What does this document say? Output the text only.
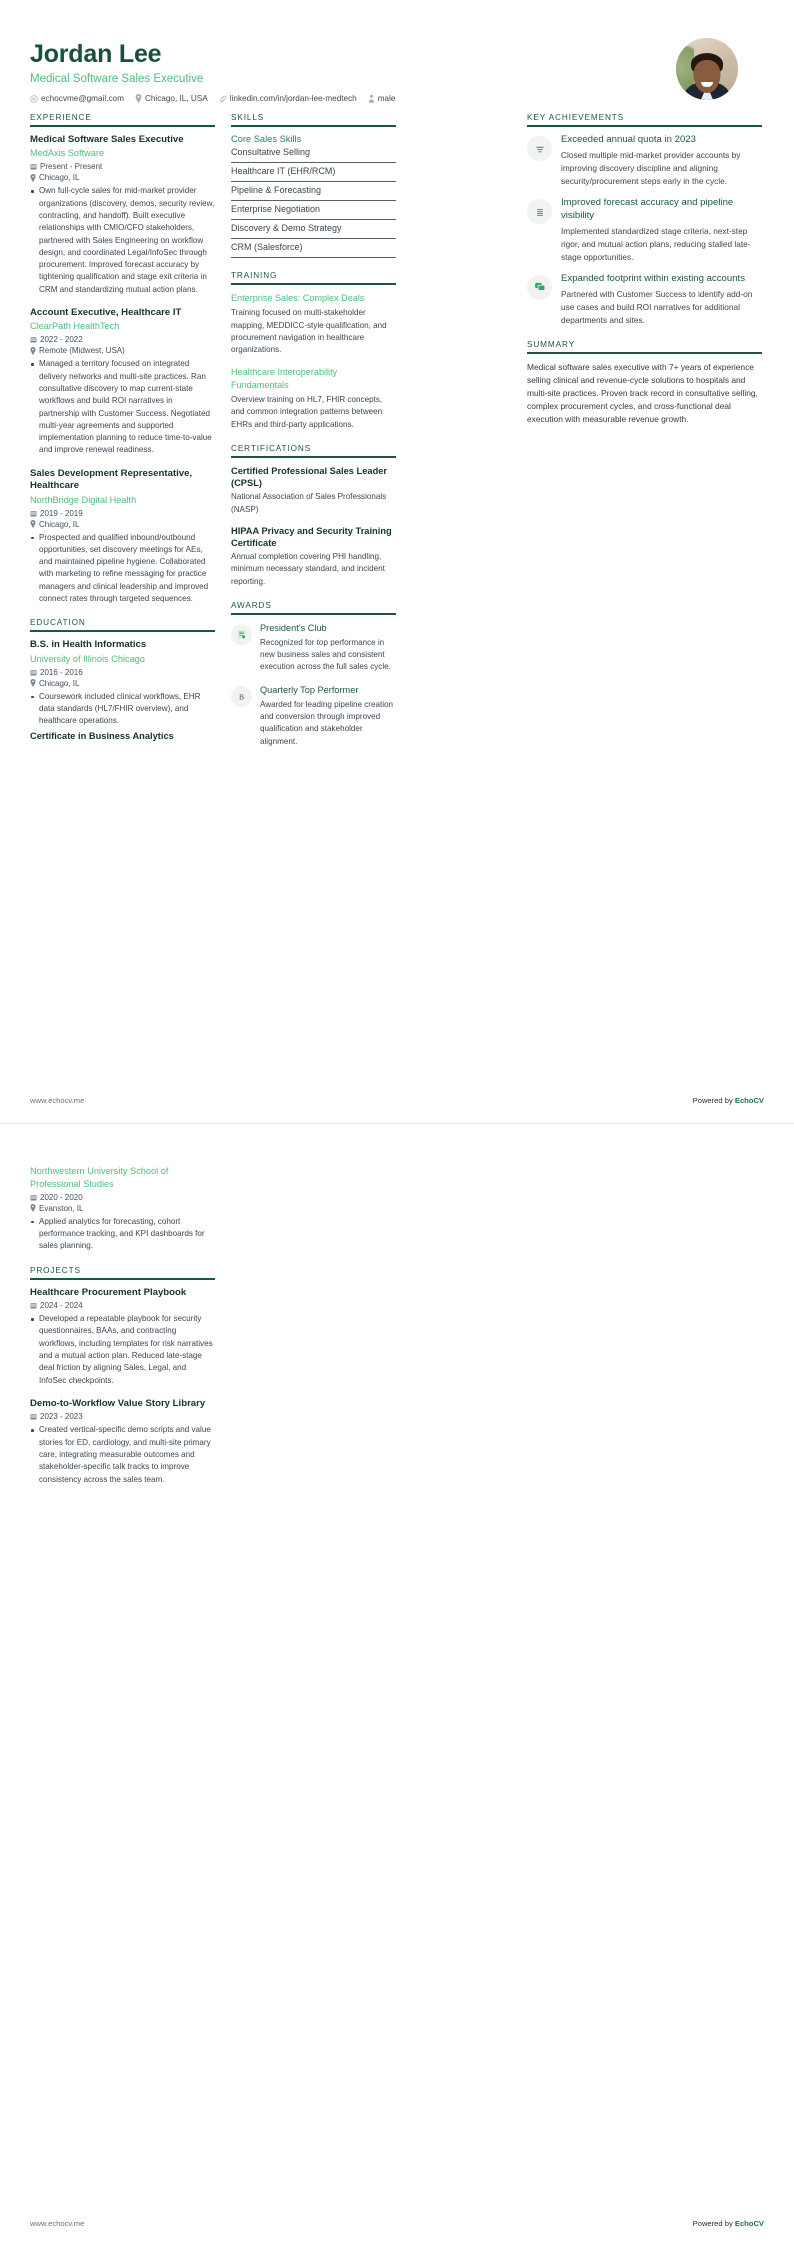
Jordan Lee
Medical Software Sales Executive
echocvme@gmail.com	Chicago, IL, USA	linkedin.com/in/jordan-lee-medtech	male
EXPERIENCE
Medical Software Sales Executive
MedAxis Software
Present - Present
Chicago, IL
Own full-cycle sales for mid-market provider organizations (discovery, demos, security review, contracting, and handoff). Built executive relationships with CMIO/CFO stakeholders, partnered with Sales Engineering on workflow design, and coordinated Legal/InfoSec through procurement. Improved forecast accuracy by tightening qualification and stage exit criteria in CRM and standardizing mutual action plans.
Account Executive, Healthcare IT
ClearPath HealthTech
2022 - 2022
Remote (Midwest, USA)
Managed a territory focused on integrated delivery networks and multi-site practices. Ran consultative discovery to map current-state workflows and build ROI narratives in partnership with Customer Success. Negotiated multi-year agreements and supported implementation planning to reduce time-to-value and improve renewal readiness.
Sales Development Representative, Healthcare
NorthBridge Digital Health
2019 - 2019
Chicago, IL
Prospected and qualified inbound/outbound opportunities, set discovery meetings for AEs, and maintained pipeline hygiene. Collaborated with marketing to refine messaging for practice managers and clinical leadership and improved connect rates through targeted sequences.
EDUCATION
B.S. in Health Informatics
University of Illinois Chicago
2016 - 2016
Chicago, IL
Coursework included clinical workflows, EHR data standards (HL7/FHIR overview), and healthcare operations.
Certificate in Business Analytics
SKILLS
Core Sales Skills
Consultative Selling
Healthcare IT (EHR/RCM)
Pipeline & Forecasting
Enterprise Negotiation
Discovery & Demo Strategy
CRM (Salesforce)
TRAINING
Enterprise Sales: Complex Deals
Training focused on multi-stakeholder mapping, MEDDICC-style qualification, and procurement navigation in healthcare organizations.
Healthcare Interoperability Fundamentals
Overview training on HL7, FHIR concepts, and common integration patterns between EHRs and third-party applications.
CERTIFICATIONS
Certified Professional Sales Leader (CPSL)
National Association of Sales Professionals (NASP)
HIPAA Privacy and Security Training Certificate
Annual completion covering PHI handling, minimum necessary standard, and incident reporting.
AWARDS
President's Club
Recognized for top performance in new business sales and consistent execution across the full sales cycle.
B
Quarterly Top Performer
Awarded for leading pipeline creation and conversion through improved qualification and stakeholder alignment.
KEY ACHIEVEMENTS
Exceeded annual quota in 2023
Closed multiple mid-market provider accounts by improving discovery discipline and aligning security/procurement steps early in the cycle.
Improved forecast accuracy and pipeline visibility
Implemented standardized stage criteria, next-step rigor, and mutual action plans, reducing stalled late-stage opportunities.
Expanded footprint within existing accounts
Partnered with Customer Success to identify add-on use cases and build ROI narratives for additional departments and sites.
SUMMARY
Medical software sales executive with 7+ years of experience selling clinical and revenue-cycle solutions to hospitals and multi-site practices. Proven track record in consultative selling, complex procurement cycles, and cross-functional deal execution with measurable revenue growth.
www.echocv.me	Powered by EchoCV
Northwestern University School of Professional Studies
2020 - 2020
Evanston, IL
Applied analytics for forecasting, cohort performance tracking, and KPI dashboards for sales planning.
PROJECTS
Healthcare Procurement Playbook
2024 - 2024
Developed a repeatable playbook for security questionnaires, BAAs, and contracting workflows, including templates for risk narratives and a mutual action plan. Reduced late-stage deal friction by aligning Sales, Legal, and InfoSec checkpoints.
Demo-to-Workflow Value Story Library
2023 - 2023
Created vertical-specific demo scripts and value stories for ED, cardiology, and multi-site primary care, integrating measurable outcomes and stakeholder-specific talk tracks to improve consistency across the sales team.
www.echocv.me	Powered by EchoCV
